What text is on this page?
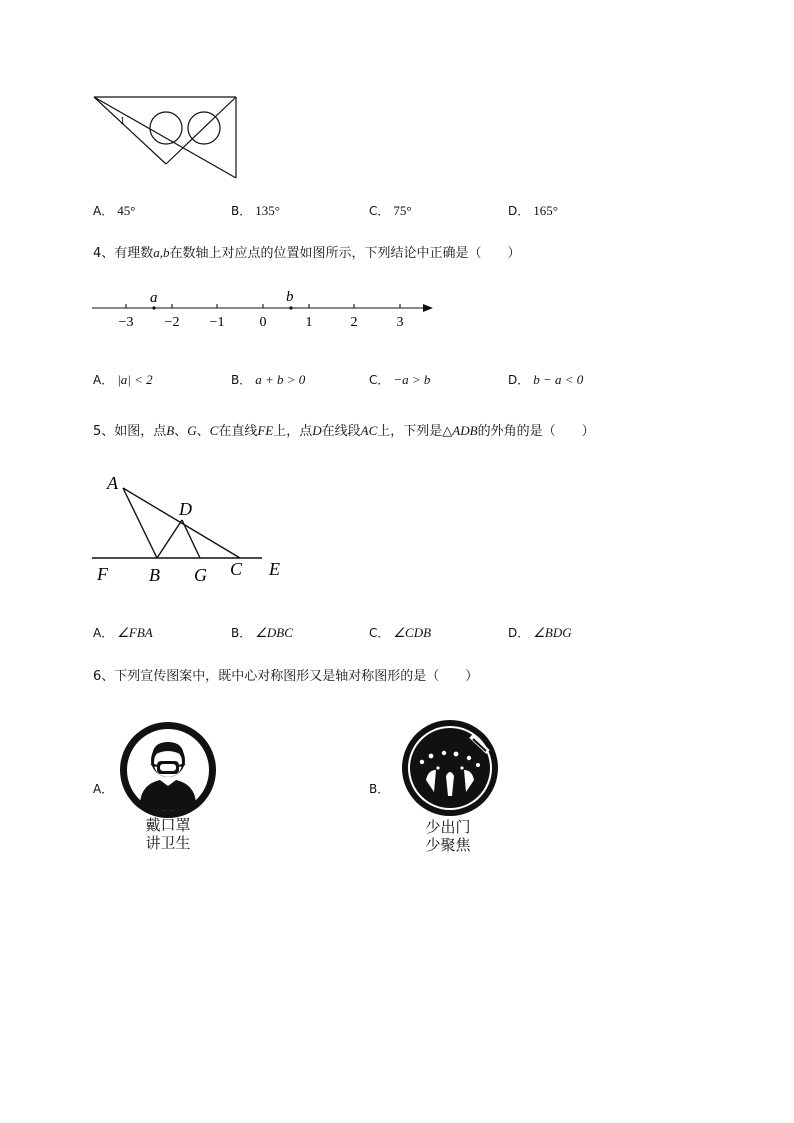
1
A． 45°	B． 135°	C． 75°	D． 165°
4、有理数a,b在数轴上对应点的位置如图所示，下列结论中正确是（　　）
a	b
−3 −2 −1	0	1	2	3
A． |a| < 2	B． a + b > 0	C． −a > b	D． b − a < 0
5、如图，点B、G、C在直线FE上，点D在线段AC上，下列是△ADB的外角的是（　　）
A
D
F B G C E
A． ∠FBA	B． ∠DBC	C． ∠CDB	D． ∠BDG
6、下列宣传图案中，既中心对称图形又是轴对称图形的是（　　）
A．
戴口罩
讲卫生
B．
少出门
少聚焦
